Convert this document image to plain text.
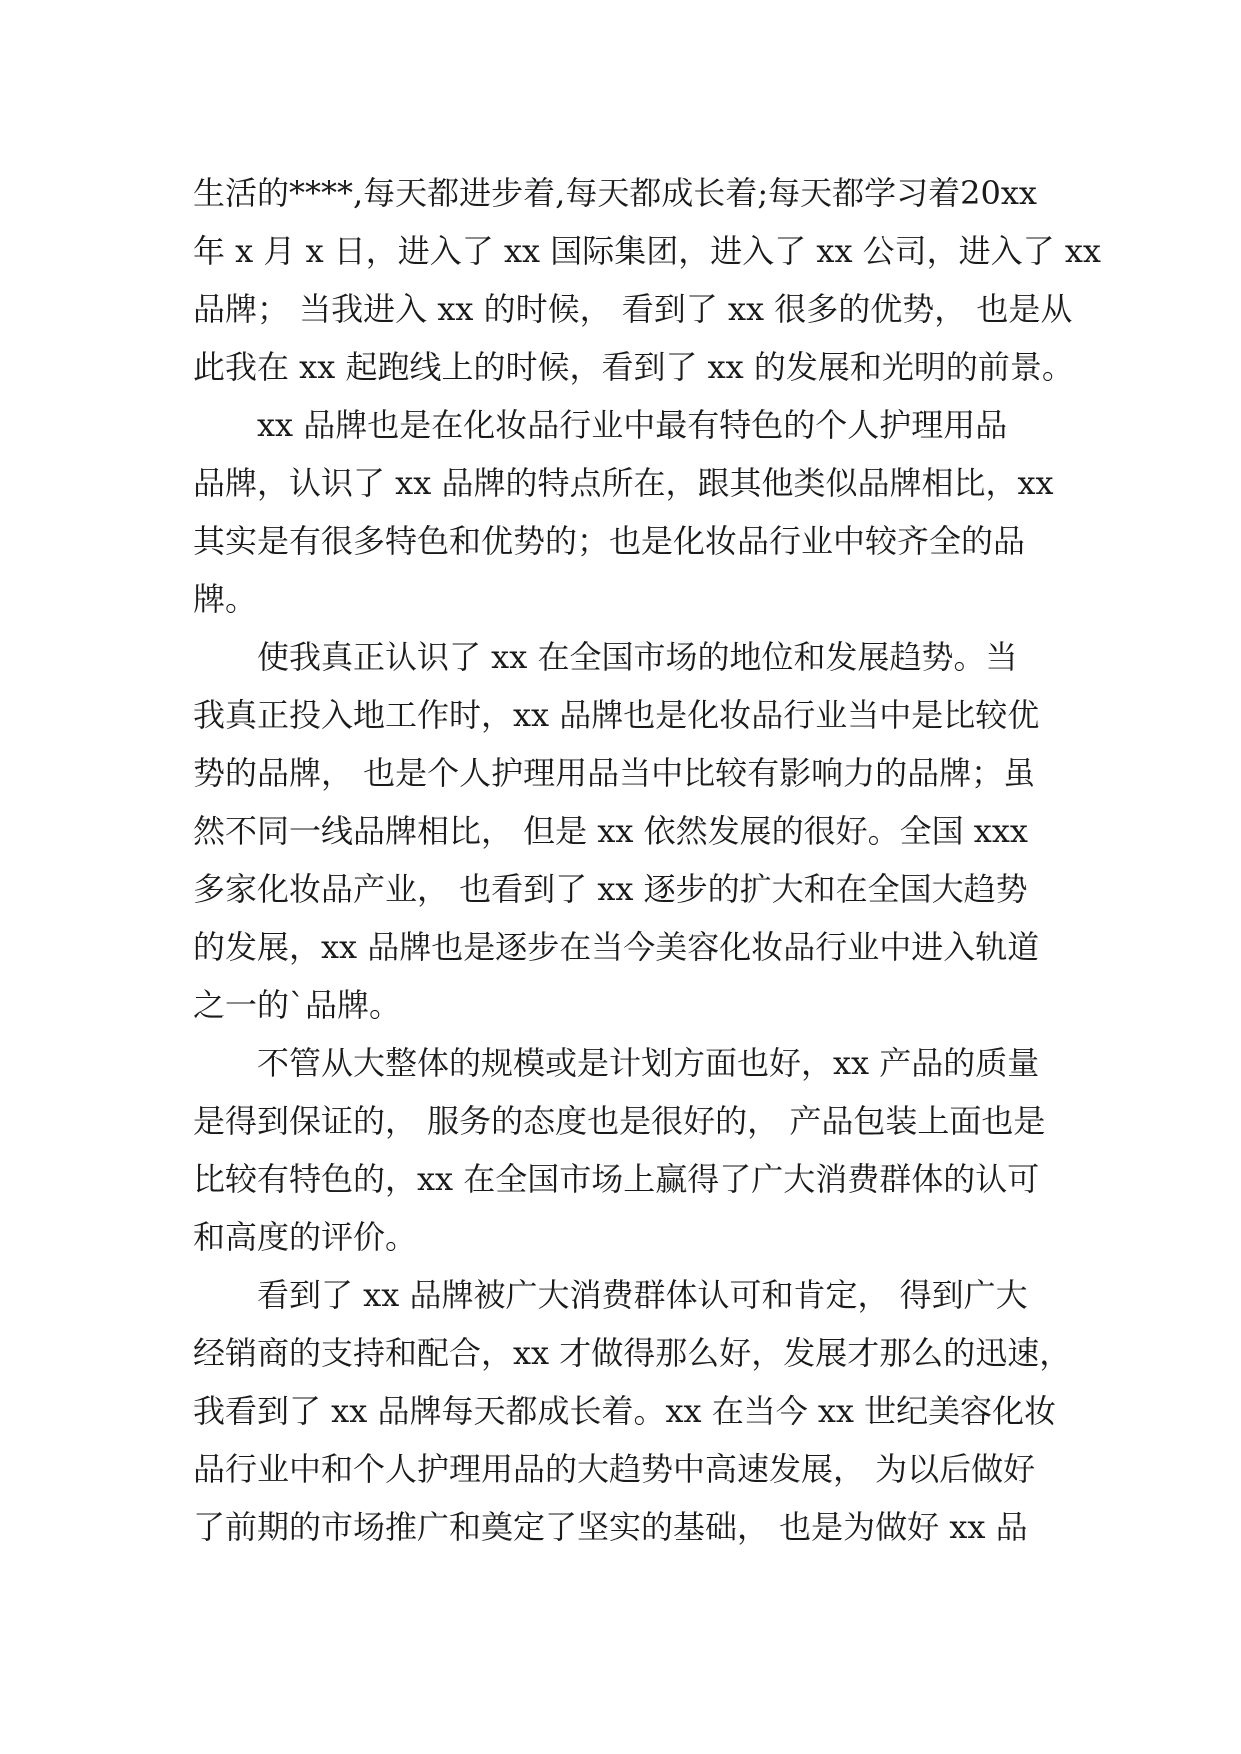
生活的****,每天都进步着,每天都成长着;每天都学习着20xx
年 x 月 x 日，进入了 xx 国际集团，进入了 xx 公司，进入了 xx
品牌； 当我进入 xx 的时候， 看到了 xx 很多的优势， 也是从
此我在 xx 起跑线上的时候，看到了 xx 的发展和光明的前景。
xx 品牌也是在化妆品行业中最有特色的个人护理用品
品牌，认识了 xx 品牌的特点所在，跟其他类似品牌相比，xx
其实是有很多特色和优势的；也是化妆品行业中较齐全的品
牌。
使我真正认识了 xx 在全国市场的地位和发展趋势。当
我真正投入地工作时，xx 品牌也是化妆品行业当中是比较优
势的品牌， 也是个人护理用品当中比较有影响力的品牌；虽
然不同一线品牌相比， 但是 xx 依然发展的很好。全国 xxx
多家化妆品产业， 也看到了 xx 逐步的扩大和在全国大趋势
的发展，xx 品牌也是逐步在当今美容化妆品行业中进入轨道
之一的`品牌。
不管从大整体的规模或是计划方面也好，xx 产品的质量
是得到保证的， 服务的态度也是很好的， 产品包装上面也是
比较有特色的，xx 在全国市场上赢得了广大消费群体的认可
和高度的评价。
看到了 xx 品牌被广大消费群体认可和肯定， 得到广大
经销商的支持和配合，xx 才做得那么好，发展才那么的迅速，
我看到了 xx 品牌每天都成长着。xx 在当今 xx 世纪美容化妆
品行业中和个人护理用品的大趋势中高速发展， 为以后做好
了前期的市场推广和奠定了坚实的基础， 也是为做好 xx 品
